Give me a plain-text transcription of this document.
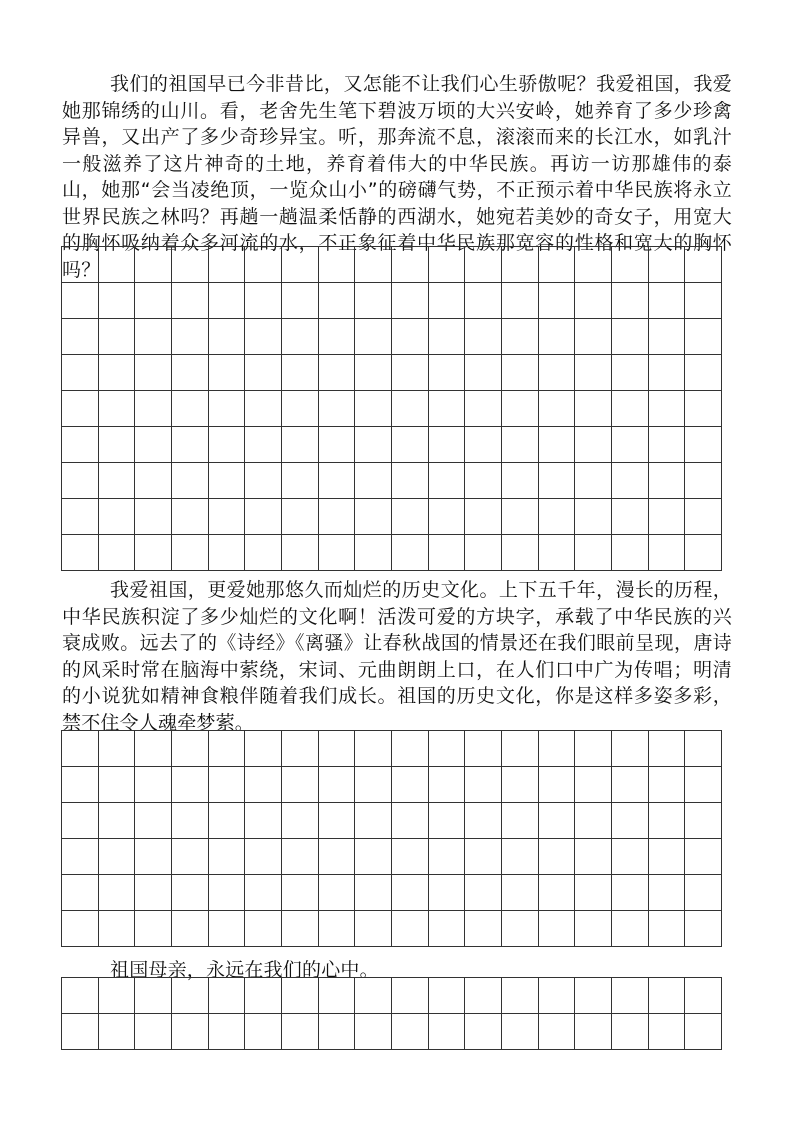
我们的祖国早已今非昔比，又怎能不让我们心生骄傲呢？我爱祖国，我爱她那锦绣的山川。看，老舍先生笔下碧波万顷的大兴安岭，她养育了多少珍禽异兽，又出产了多少奇珍异宝。听，那奔流不息，滚滚而来的长江水，如乳汁一般滋养了这片神奇的土地，养育着伟大的中华民族。再访一访那雄伟的泰山，她那“会当凌绝顶，一览众山小”的磅礴气势，不正预示着中华民族将永立世界民族之林吗？再趟一趟温柔恬静的西湖水，她宛若美妙的奇女子，用宽大的胸怀吸纳着众多河流的水，不正象征着中华民族那宽容的性格和宽大的胸怀吗？

我爱祖国，更爱她那悠久而灿烂的历史文化。上下五千年，漫长的历程，中华民族积淀了多少灿烂的文化啊！活泼可爱的方块字，承载了中华民族的兴衰成败。远去了的《诗经》《离骚》让春秋战国的情景还在我们眼前呈现，唐诗的风采时常在脑海中萦绕，宋词、元曲朗朗上口，在人们口中广为传唱；明清的小说犹如精神食粮伴随着我们成长。祖国的历史文化，你是这样多姿多彩，禁不住令人魂牵梦萦。

祖国母亲，永远在我们的心中。
